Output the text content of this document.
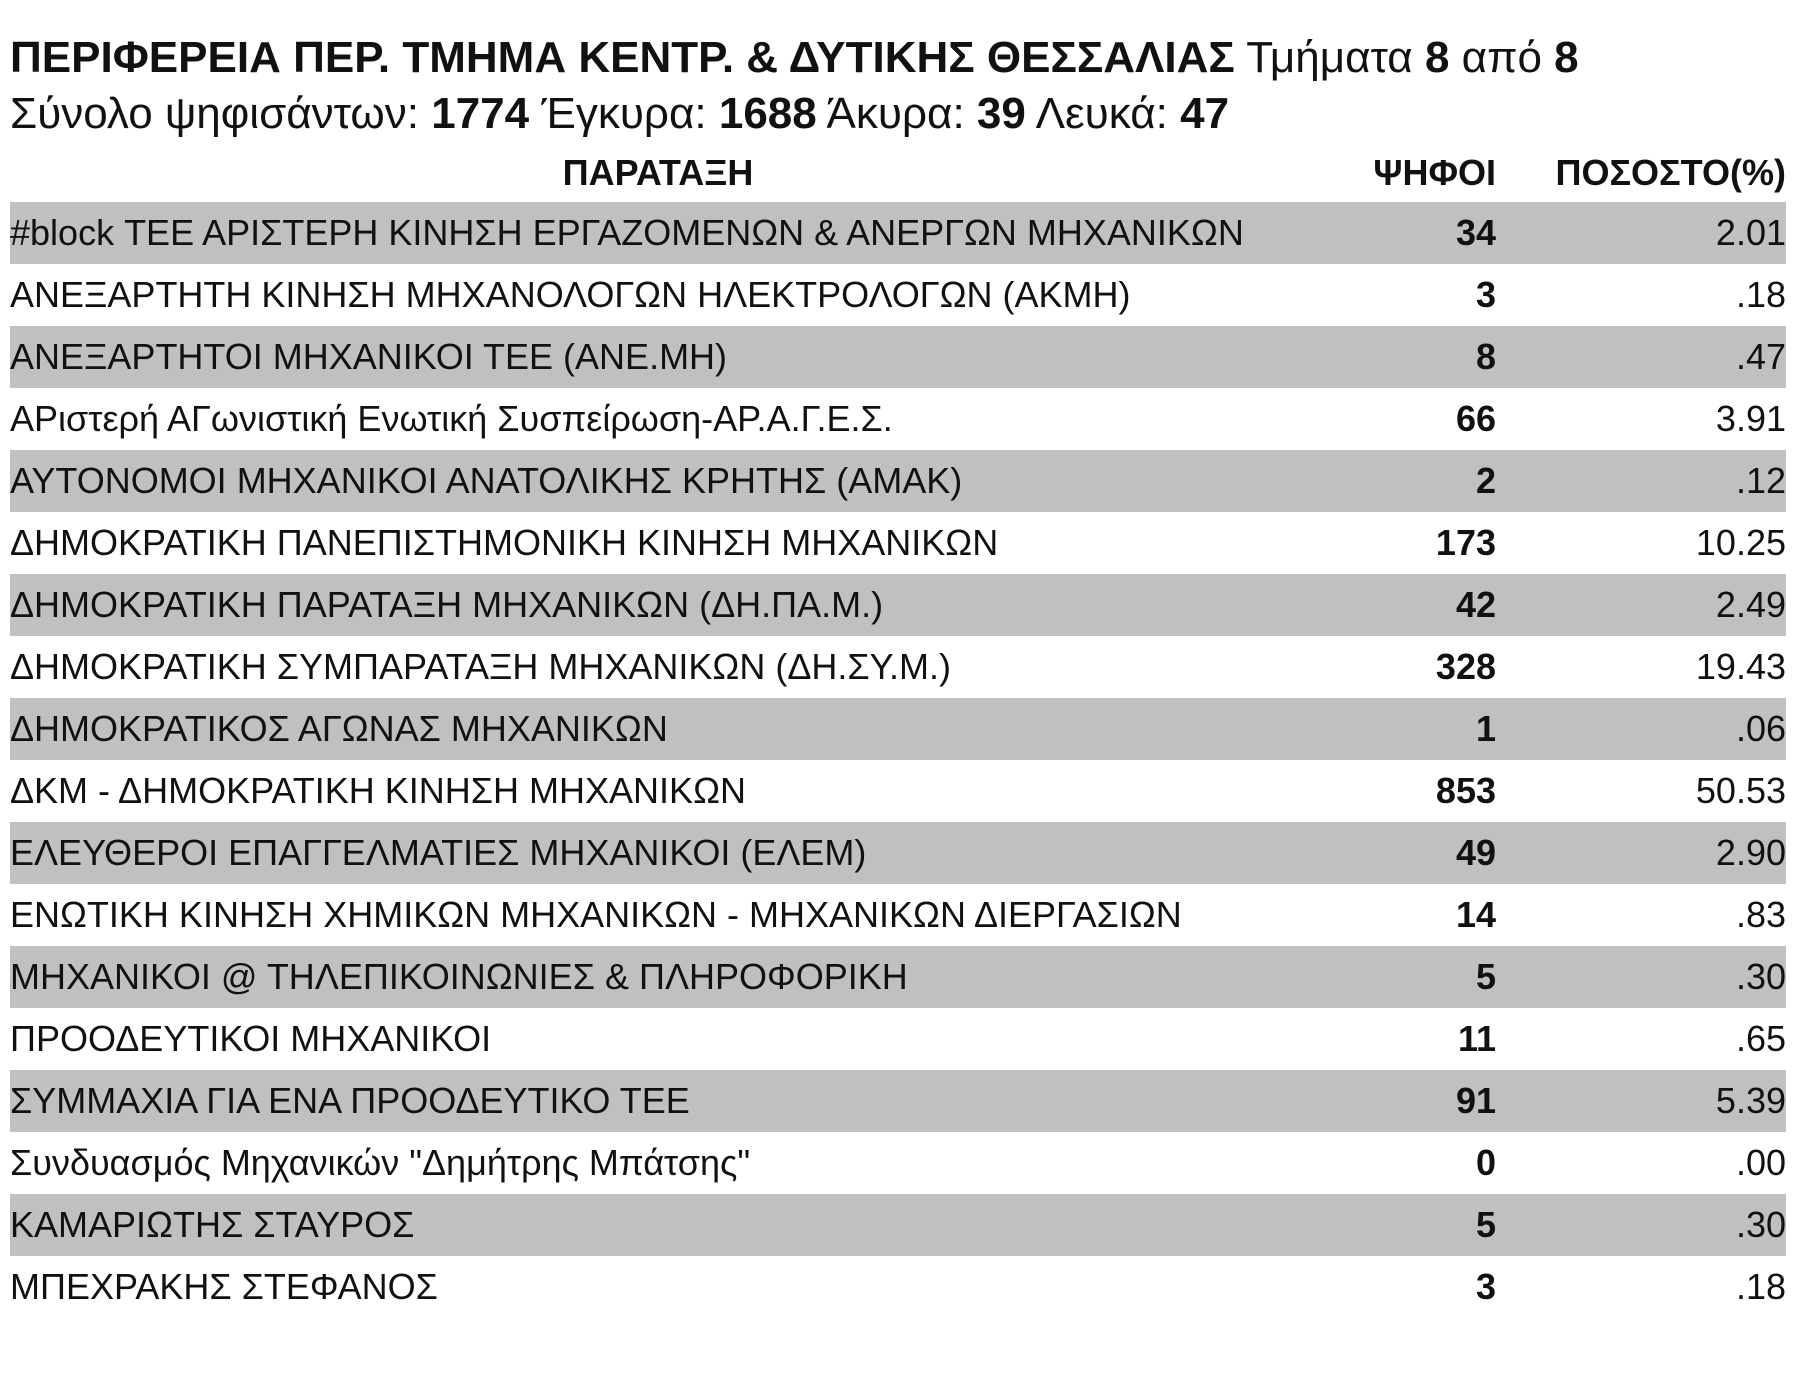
ΠΕΡΙΦΕΡΕΙΑ ΠΕΡ. ΤΜΗΜΑ ΚΕΝΤΡ. & ΔΥΤΙΚΗΣ ΘΕΣΣΑΛΙΑΣ Τμήματα 8 από 8
Σύνολο ψηφισάντων: 1774 Έγκυρα: 1688 Άκυρα: 39 Λευκά: 47
ΠΑΡΑΤΑΞΗ	ΨΗΦΟΙ	ΠΟΣΟΣΤΟ(%)
#block ΤΕΕ ΑΡΙΣΤΕΡΗ ΚΙΝΗΣΗ ΕΡΓΑΖΟΜΕΝΩΝ & ΑΝΕΡΓΩΝ ΜΗΧΑΝΙΚΩΝ	34	2.01
ΑΝΕΞΑΡΤΗΤΗ ΚΙΝΗΣΗ ΜΗΧΑΝΟΛΟΓΩΝ ΗΛΕΚΤΡΟΛΟΓΩΝ (ΑΚΜΗ)	3	.18
ΑΝΕΞΑΡΤΗΤΟΙ ΜΗΧΑΝΙΚΟΙ ΤΕΕ (ΑΝΕ.ΜΗ)	8	.47
ΑΡιστερή ΑΓωνιστική Ενωτική Συσπείρωση-ΑΡ.Α.Γ.Ε.Σ.	66	3.91
ΑΥΤΟΝΟΜΟΙ ΜΗΧΑΝΙΚΟΙ ΑΝΑΤΟΛΙΚΗΣ ΚΡΗΤΗΣ (ΑΜΑΚ)	2	.12
ΔΗΜΟΚΡΑΤΙΚΗ ΠΑΝΕΠΙΣΤΗΜΟΝΙΚΗ ΚΙΝΗΣΗ ΜΗΧΑΝΙΚΩΝ	173	10.25
ΔΗΜΟΚΡΑΤΙΚΗ ΠΑΡΑΤΑΞΗ ΜΗΧΑΝΙΚΩΝ (ΔΗ.ΠΑ.Μ.)	42	2.49
ΔΗΜΟΚΡΑΤΙΚΗ ΣΥΜΠΑΡΑΤΑΞΗ ΜΗΧΑΝΙΚΩΝ (ΔΗ.ΣΥ.Μ.)	328	19.43
ΔΗΜΟΚΡΑΤΙΚΟΣ ΑΓΩΝΑΣ ΜΗΧΑΝΙΚΩΝ	1	.06
ΔΚΜ - ΔΗΜΟΚΡΑΤΙΚΗ ΚΙΝΗΣΗ ΜΗΧΑΝΙΚΩΝ	853	50.53
ΕΛΕΥΘΕΡΟΙ ΕΠΑΓΓΕΛΜΑΤΙΕΣ ΜΗΧΑΝΙΚΟΙ (ΕΛΕΜ)	49	2.90
ΕΝΩΤΙΚΗ ΚΙΝΗΣΗ ΧΗΜΙΚΩΝ ΜΗΧΑΝΙΚΩΝ - ΜΗΧΑΝΙΚΩΝ ΔΙΕΡΓΑΣΙΩΝ	14	.83
ΜΗΧΑΝΙΚΟΙ @ ΤΗΛΕΠΙΚΟΙΝΩΝΙΕΣ & ΠΛΗΡΟΦΟΡΙΚΗ	5	.30
ΠΡΟΟΔΕΥΤΙΚΟΙ ΜΗΧΑΝΙΚΟΙ	11	.65
ΣΥΜΜΑΧΙΑ ΓΙΑ ΕΝΑ ΠΡΟΟΔΕΥΤΙΚΟ ΤΕΕ	91	5.39
Συνδυασμός Μηχανικών "Δημήτρης Μπάτσης"	0	.00
ΚΑΜΑΡΙΩΤΗΣ ΣΤΑΥΡΟΣ	5	.30
ΜΠΕΧΡΑΚΗΣ ΣΤΕΦΑΝΟΣ	3	.18
